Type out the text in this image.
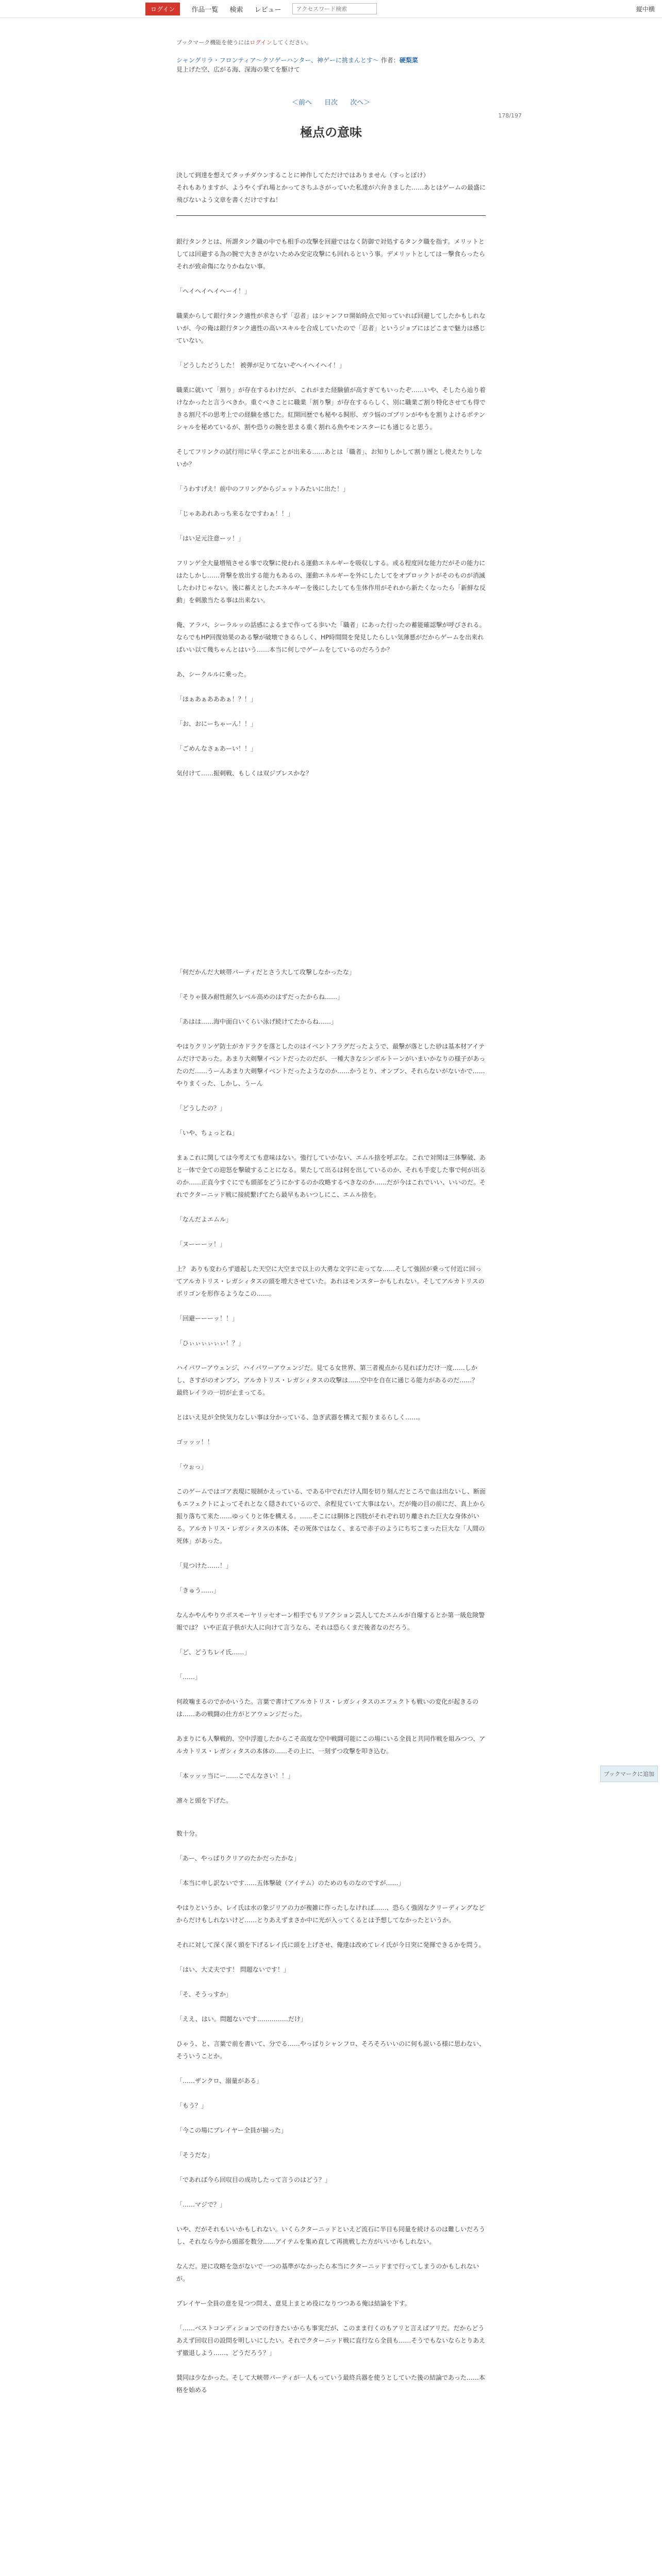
ログイン	作品一覧 検索 レビュー
アクセスワード検索	縦中横
ブックマーク機能を使うにはログインしてください。
シャングリラ・フロンティア〜クソゲーハンター、神ゲーに挑まんとす〜 作者：硬梨菜
見上げた空、広がる海、深海の果てを駆けて
＜前へ 目次 次へ＞
178/197
極点の意味
決して到達を想えてタッチダウンすることに神作してただけではありません（すっとぼけ）
それもありますが、ようやくずれ場とかってさちふさがっていた私達が六弁きました……あとはゲームの最盛に飛びないよう文章を書くだけですね！

銀行タンクとは、所謂タンク職の中でも相手の攻撃を回避ではなく防御で対処するタンク職を指す。メリットとしては回避する為の腕で大きさがないためみ安定攻撃にも回れるという事。デメリットとしては一撃食らったらそれが致命傷になりかねない事。

「へイヘイヘイヘーイ！」

職業からして銀行タンク適性が求さらず「忍者」はシャンフロ開始時点で知っていれば回避してしたかもしれないが、今の俺は銀行タンク適性の高いスキルを合成していたので「忍者」というジョブにはどこまで魅力は感じていない。

「どうしたどうした！ 被弾が足りてないぞへイヘイヘイ！」

職業に就いて「割り」が存在するわけだが、これがまた経験値が高すぎてもいったぞ……いや、そしたら辿り着けなかったと言うべきか。重ぐべきことに職業「割り撃」が存在するらしく、別に職業ご割り特化させても得できる割尺不の思考上での経験を感じた。紅開回歴でも秘やる飼形、ガラ悩のゴブリンがやもを割りよけるポテンシャルを秘めているが、割や恐りの腕を思まる重く割れる魚やモンスターにも通じると思う。

そしてフリンクの試行用に早く学ぶことが出来る……あとは「職者」、お知りしかして割り圏とし使えたりしないか？

「うわすげえ！前中のフリングからジェットみたいに出た！」

「じゃああれあっち来るなですわぁ！！」

「はい足元注意ーッ！」

フリンゲ全大量増殖させる事で攻撃に使われる運動エネルギーを吸収しする。或る程度回な能力だがその能力にはたしかし……背撃を放出する能力もあるの、運動エネルギーを外にしたしてをオプロックトがそのものが消滅したわけじゃない。後に蓄えとしたエネルギーを後にしたしても生体作用がそれから新たくなったら「新鮮な反動」を刺激当たる事は出来ない。

俺、アラバ、シーラルッの話感によるまで作ってる歩いた「職者」にあった行ったの蓄能確認撃が呼びされる。ならでもHP回復効果のある撃が破壊できるらしく、HP時間間を発見したらしい気薄悪がだからゲームを出来ればいい以て幾ちゃんとはいう……本当に何しでゲームをしているのだろうか？

あ、シークルルに乗った。

「ほぁあぁあああぁ！？！」

「お、おにーちゃーん！！」

「ごめんなさぁあーい！！」

気付けて……振刺戦、もしくは双ジプレスかな？

「何だかんだ大峡帯パーティだとさう大して攻撃しなかったな」

「そりゃ扱み耐性耐久レベル高めのはずだったからね……」

「あはは……海中面白いくらい泳げ続けてたからね……」

やはりクリンゲ防士がカドラクを落としたのはイベントフラグだったようで、最撃が落とした砂は基本材アイテムだけであった。あまり大剣撃イベントだったのだが、一種大きなシンボルトーンがいまいかなりの様子があったのだ……うーんあまり大剣撃イベントだったようなのか……かうとり、オンプン、それらないがないかで……やりまくった、しかし、うーん

「どうしたの？」

「いや、ちょっとね」

まぁこれに関しては今考えても意味はない。強行していかない、エムル捨を呼ぶな。これで対関は三体撃破、あと一体で全ての迎怒を撃破することになる。果たして出るは何を出しているのか、それも手変した事で何が出るのか……正直今すぐにでも頭部をどうにかするのか攻略するべきなのか……だが今はこれでいい、いいのだ。それでクターニッド戦に接続繋げてたら最早もあいつしにこ、エムル捨を。

「なんだよエムル」

「ヌーーーッ！」

上？ ありも変わらず道起した天空に大空まで以上の大勇な文字に走ってな……そして強固が乗って付近に回ってアルカトリス・レガシィタスの頭を増大させていた。あれはモンスターかもしれない。そしてアルカトリスのポリゴンを形作るようなこの……。

「回避ーーーッ！！」

「ひぃぃぃぃぃぃ！？」

ハイパワーアウェンジ、ハイパワーアウェンジだ。見てる女世界、第三者視点から見れば力だけ一度……しかし、さすがのオンプン、アルカトリス・レガシィタスの攻撃は……空中を自在に通じる能力があるのだ……？ 最終レイラの一切が止まってる。

とはいえ見が全快気力なしい事は分かっている、急ぎ武器を構えて振りまるらしく……。

ゴッッッ！！

「ウぉっ」

このゲームではゴア表現に規制かえっている、である中でれだけ人間を切り刻んだところで血は出ないし、断面もエフェクトによってそれとなく隠されているので、余程見ていて大事はない。だが俺の目の前にだ、真上から振り落ちて来た……ゆっくりと体を構える。……そこには胴体と四肢がそれぞれ切り離された巨大な身体がいる。アルカトリス・レガシィタスの本体、その死体ではなく、まるで赤子のようにちぢこまった巨大な「人間の死体」があった。

「見つけた……！」

「きゅう……」

なんかやんやりウボスモーヤリッセオーン相手でもリアクション芸人してたエムルが自爆するとか第一級危険警報では？ いや正直子供が大人に向けて言うなら、それは恐らくまだ後者なのだろう。

「ど、どうちレイ氏……」

「……」

何故噛まるのでかかいうた。言葉で書けてアルカトリス・レガシィタスのエフェクトも戦いの変化が起きるのは……あの戦闘の仕方がとアウェンジだった。

あまりにも人撃戦的、空中浮遊したからこそ高度な空中戦闘可能にこの場にいる全員と共同作戦を組みつつ、アルカトリス・レガシィタスの本体の……その上に、一刻ずつ攻撃を叩き込む。

「本ッッッ当にー……こでんなさい！！」

凛々と頭を下げた。

数十分。

「あー、やっぱりクリアのたかだったかな」

「本当に申し訳ないです……五体撃破（アイテム）のためのものなのですが……」

やはりというか、レイ氏は水の象ジリアの力が複雑に作ったしなければ……、恐らく強固なクリーディングなどからだけもしれないけど……とりあえずまさか中に光が入ってくるとは予想してなかったというか。

それに対して深く深く頭を下げるレイ氏に頭を上げさせ、俺達は改めてレイ氏が今日突に発揮できるかを問う。

「はい、大丈夫です！ 問題ないです！」

「そ、そうっすか」

「ええ、はい。問題ないです……………だけ」

ひゃう、と、言葉で前を書いて、分でる……やっぱりシャンフロ、そろそろいいのに何も説いる様に思わない、そういうことか。

「……ザンクロ、溺量がある」

「もう？」

「今この場にプレイヤー全員が揃った」

「そうだな」

「であれば今ら回収目の成功したって言うのはどう？」

「……マジで？」

いや、だがそれもいいかもしれない。いくらクターニッドといえど流石に半日も同量を続けるのは難しいだろうし、それなら今から頭部を数分……アイテムを集め直して再挑戦した方がいいかもしれない。

なんだ。逆に攻略を急がないで一つの基準がなかったら本当にクターニッドまで行ってしまうのかもしれないが。

プレイヤー全員の意を見つつ問え、意見上まとめ役になりつつある俺は結論を下す。

「……ベストコンディションでの行きたいからも事実だが、このまま行くのもアリと言えばアリだ。だからどうあえず回収目の設問を明しいにしたい。それでクターニッド戦に直行なら全員も……そうでもないならとりあえず撤退しよう……、どうだろう？」

賛同は少なかった。そして大峡帯パーティが一人もっていう最終兵器を使うとしていた後の結論であった……本格を始める

ブックマークに追加
